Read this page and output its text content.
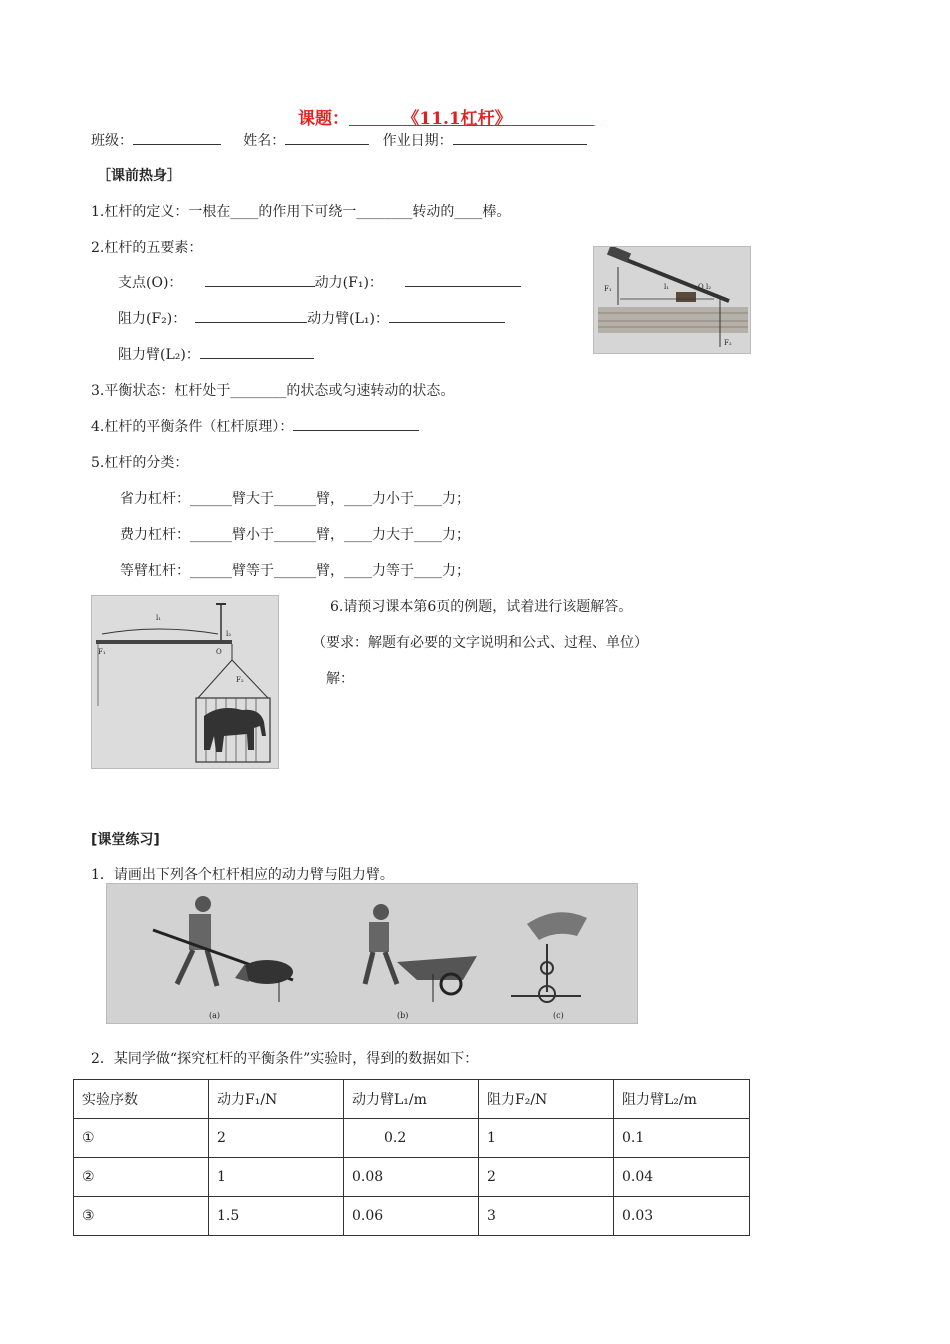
课题：	《11.1杠杆》
班级：	姓名：	作业日期：
［课前热身］
1.杠杆的定义：一根在____的作用下可绕一________转动的____棒。
2.杠杆的五要素：
支点(O)：	动力(F₁)：
阻力(F₂)：	动力臂(L₁)：
阻力臂(L₂)：
F₁	l₁	O l₂
F₂
3.平衡状态：杠杆处于________的状态或匀速转动的状态。
4.杠杆的平衡条件（杠杆原理）：
5.杠杆的分类：
省力杠杆：______臂大于______臂，____力小于____力；
费力杠杆：______臂小于______臂，____力大于____力；
等臂杠杆：______臂等于______臂，____力等于____力；
l₁
l₂
O
F₁
F₂
6.请预习课本第6页的例题，试着进行该题解答。
（要求：解题有必要的文字说明和公式、过程、单位）
解：
[课堂练习]
1．请画出下列各个杠杆相应的动力臂与阻力臂。
(a)	(b)	(c)
2．某同学做“探究杠杆的平衡条件”实验时，得到的数据如下：
实验序数	动力F₁/N	动力臂L₁/m	阻力F₂/N	阻力臂L₂/m
①	2	0.2	1	0.1
②	1	0.08	2	0.04
③	1.5	0.06	3	0.03
